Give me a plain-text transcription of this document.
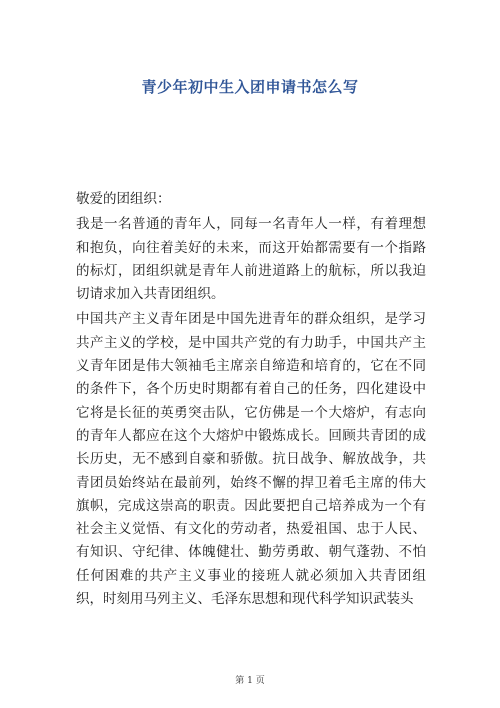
青少年初中生入团申请书怎么写

敬爱的团组织：

我是一名普通的青年人，同每一名青年人一样，有着理想和抱负，向往着美好的未来，而这开始都需要有一个指路的标灯，团组织就是青年人前进道路上的航标，所以我迫切请求加入共青团组织。

中国共产主义青年团是中国先进青年的群众组织，是学习共产主义的学校，是中国共产党的有力助手，中国共产主义青年团是伟大领袖毛主席亲自缔造和培育的，它在不同的条件下，各个历史时期都有着自己的任务，四化建设中它将是长征的英勇突击队，它仿佛是一个大熔炉，有志向的青年人都应在这个大熔炉中锻炼成长。回顾共青团的成长历史，无不感到自豪和骄傲。抗日战争、解放战争，共青团员始终站在最前列，始终不懈的捍卫着毛主席的伟大旗帜，完成这崇高的职责。因此要把自己培养成为一个有社会主义觉悟、有文化的劳动者，热爱祖国、忠于人民、有知识、守纪律、体魄健壮、勤劳勇敢、朝气蓬勃、不怕任何困难的共产主义事业的接班人就必须加入共青团组织，时刻用马列主义、毛泽东思想和现代科学知识武装头

第 1 页
